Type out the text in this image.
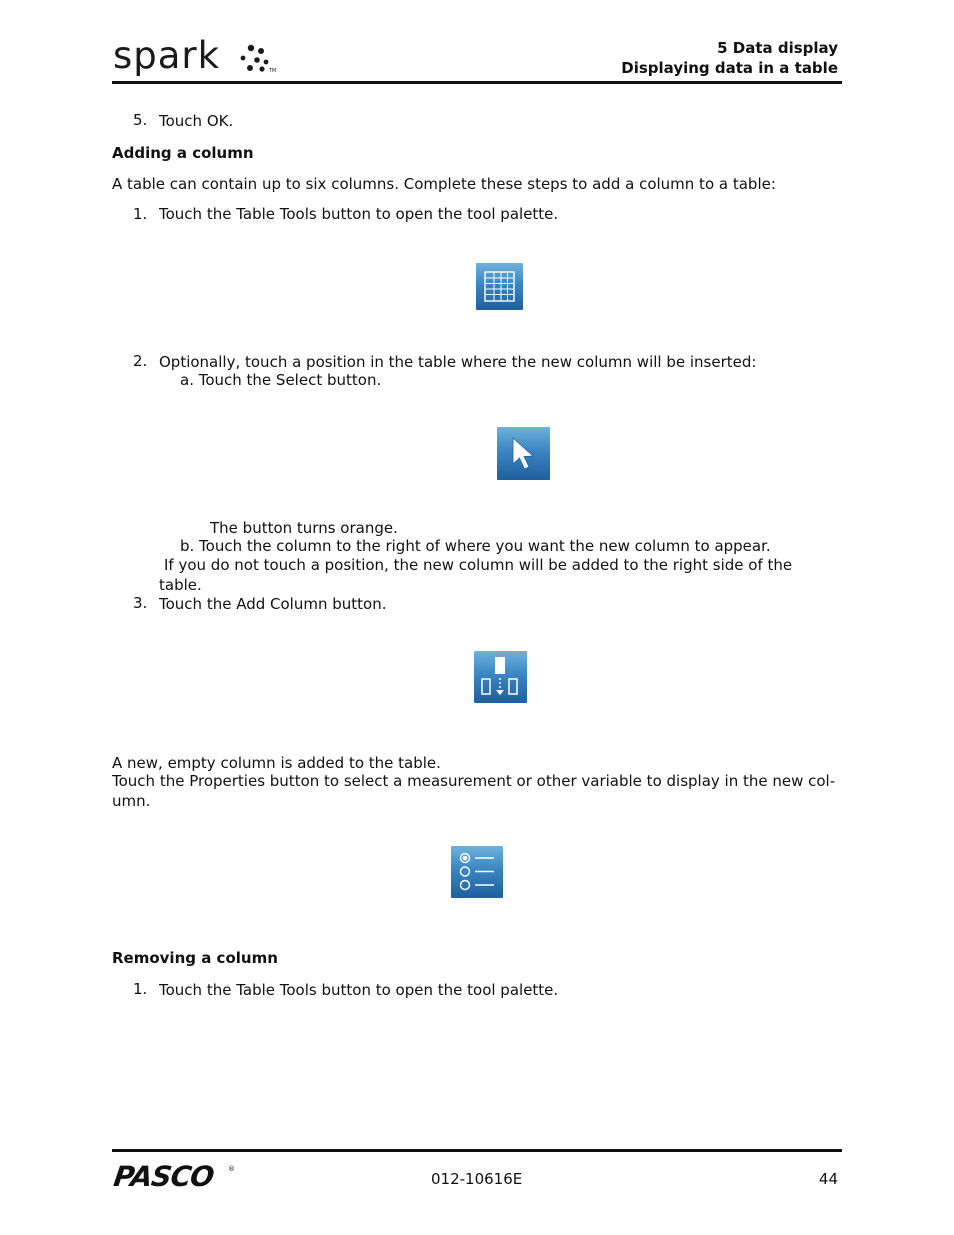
spark	TM
5 Data display
Displaying data in a table
5. Touch OK.
Adding a column
A table can contain up to six columns. Complete these steps to add a column to a table:
1. Touch the Table Tools button to open the tool palette.
2. Optionally, touch a position in the table where the new column will be inserted:
a. Touch the Select button.
The button turns orange.
b. Touch the column to the right of where you want the new column to appear.
If you do not touch a position, the new column will be added to the right side of the
table.
3. Touch the Add Column button.
A new, empty column is added to the table.
Touch the Properties button to select a measurement or other variable to display in the new col-
umn.
Removing a column
1. Touch the Table Tools button to open the tool palette.
PASCO ®
012-10616E	44
